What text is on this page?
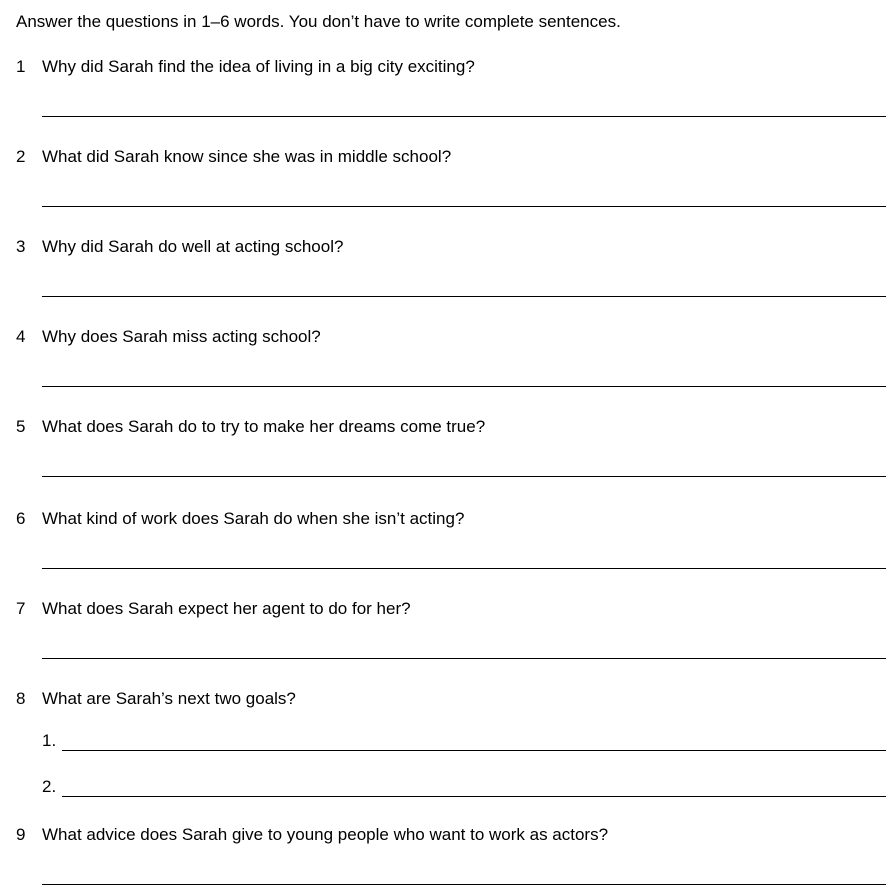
Answer the questions in 1–6 words. You don’t have to write complete sentences.
1 Why did Sarah find the idea of living in a big city exciting?
2 What did Sarah know since she was in middle school?
3 Why did Sarah do well at acting school?
4 Why does Sarah miss acting school?
5 What does Sarah do to try to make her dreams come true?
6 What kind of work does Sarah do when she isn’t acting?
7 What does Sarah expect her agent to do for her?
8 What are Sarah’s next two goals?
1.
2.
9 What advice does Sarah give to young people who want to work as actors?
